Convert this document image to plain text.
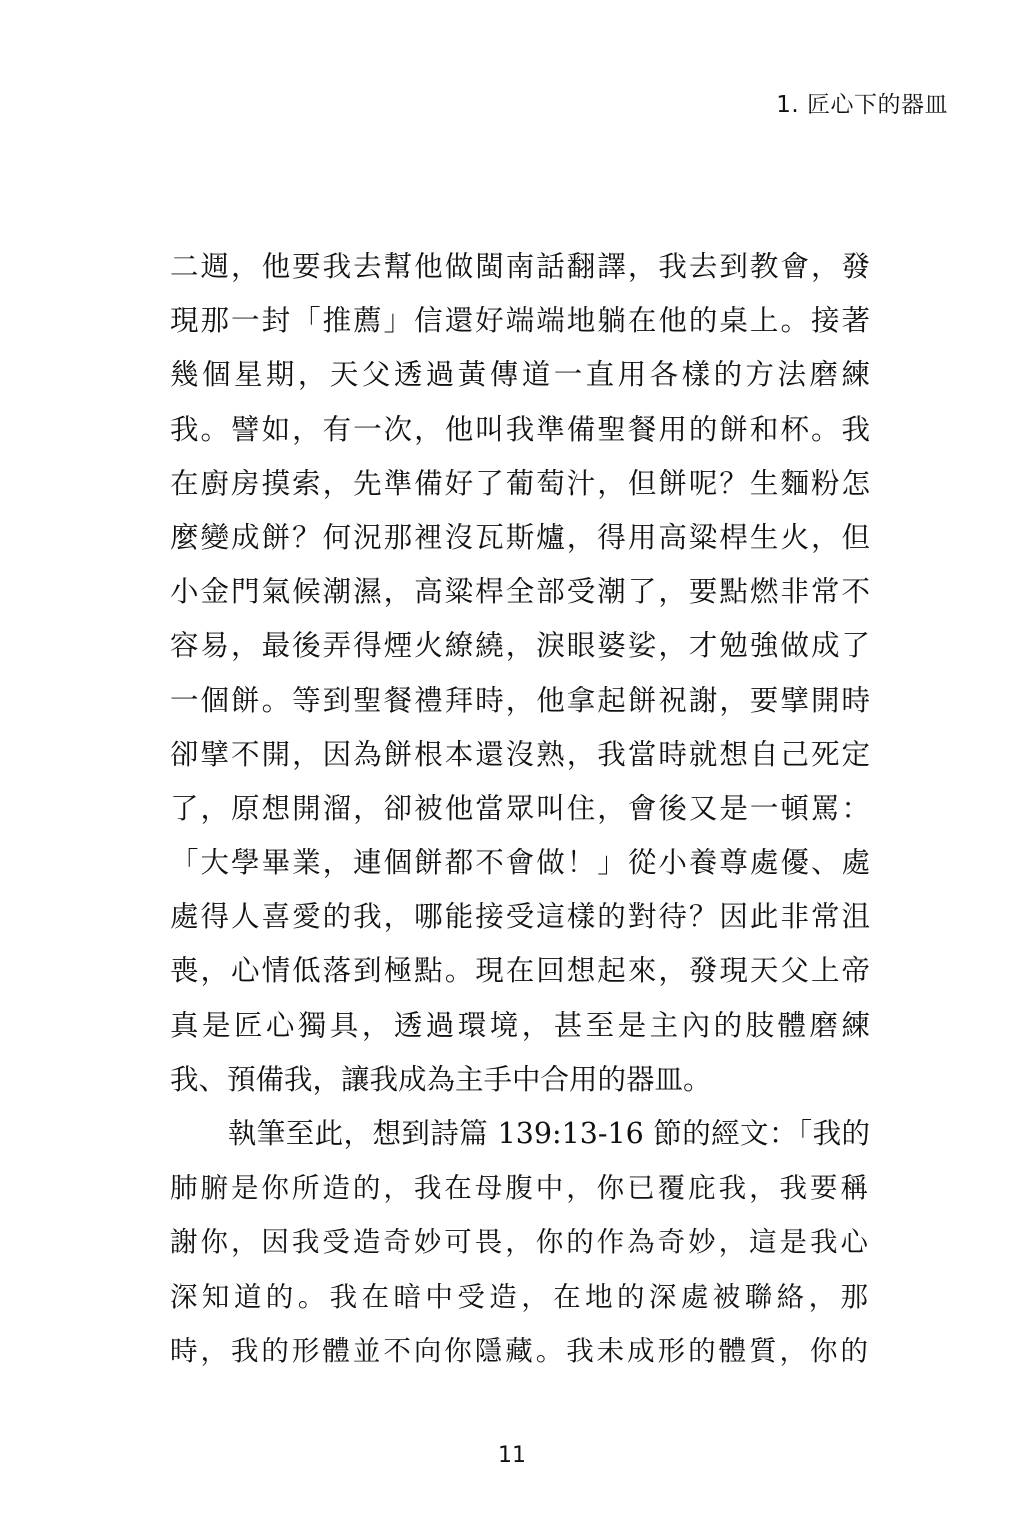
1. 匠心下的器皿
二週，他要我去幫他做閩南話翻譯，我去到教會，發
現那一封「推薦」信還好端端地躺在他的桌上。接著
幾個星期，天父透過黃傳道一直用各樣的方法磨練
我。譬如，有一次，他叫我準備聖餐用的餅和杯。我
在廚房摸索，先準備好了葡萄汁，但餅呢？生麵粉怎
麼變成餅？何況那裡沒瓦斯爐，得用高粱桿生火，但
小金門氣候潮濕，高粱桿全部受潮了，要點燃非常不
容易，最後弄得煙火繚繞，淚眼婆娑，才勉強做成了
一個餅。等到聖餐禮拜時，他拿起餅祝謝，要擘開時
卻擘不開，因為餅根本還沒熟，我當時就想自己死定
了，原想開溜，卻被他當眾叫住，會後又是一頓罵：
「大學畢業，連個餅都不會做！」從小養尊處優、處
處得人喜愛的我，哪能接受這樣的對待？因此非常沮
喪，心情低落到極點。現在回想起來，發現天父上帝
真是匠心獨具，透過環境，甚至是主內的肢體磨練
我、預備我，讓我成為主手中合用的器皿。
　　執筆至此，想到詩篇 139:13-16 節的經文：「我的
肺腑是你所造的，我在母腹中，你已覆庇我，我要稱
謝你，因我受造奇妙可畏，你的作為奇妙，這是我心
深知道的。我在暗中受造，在地的深處被聯絡，那
時，我的形體並不向你隱藏。我未成形的體質，你的
11
